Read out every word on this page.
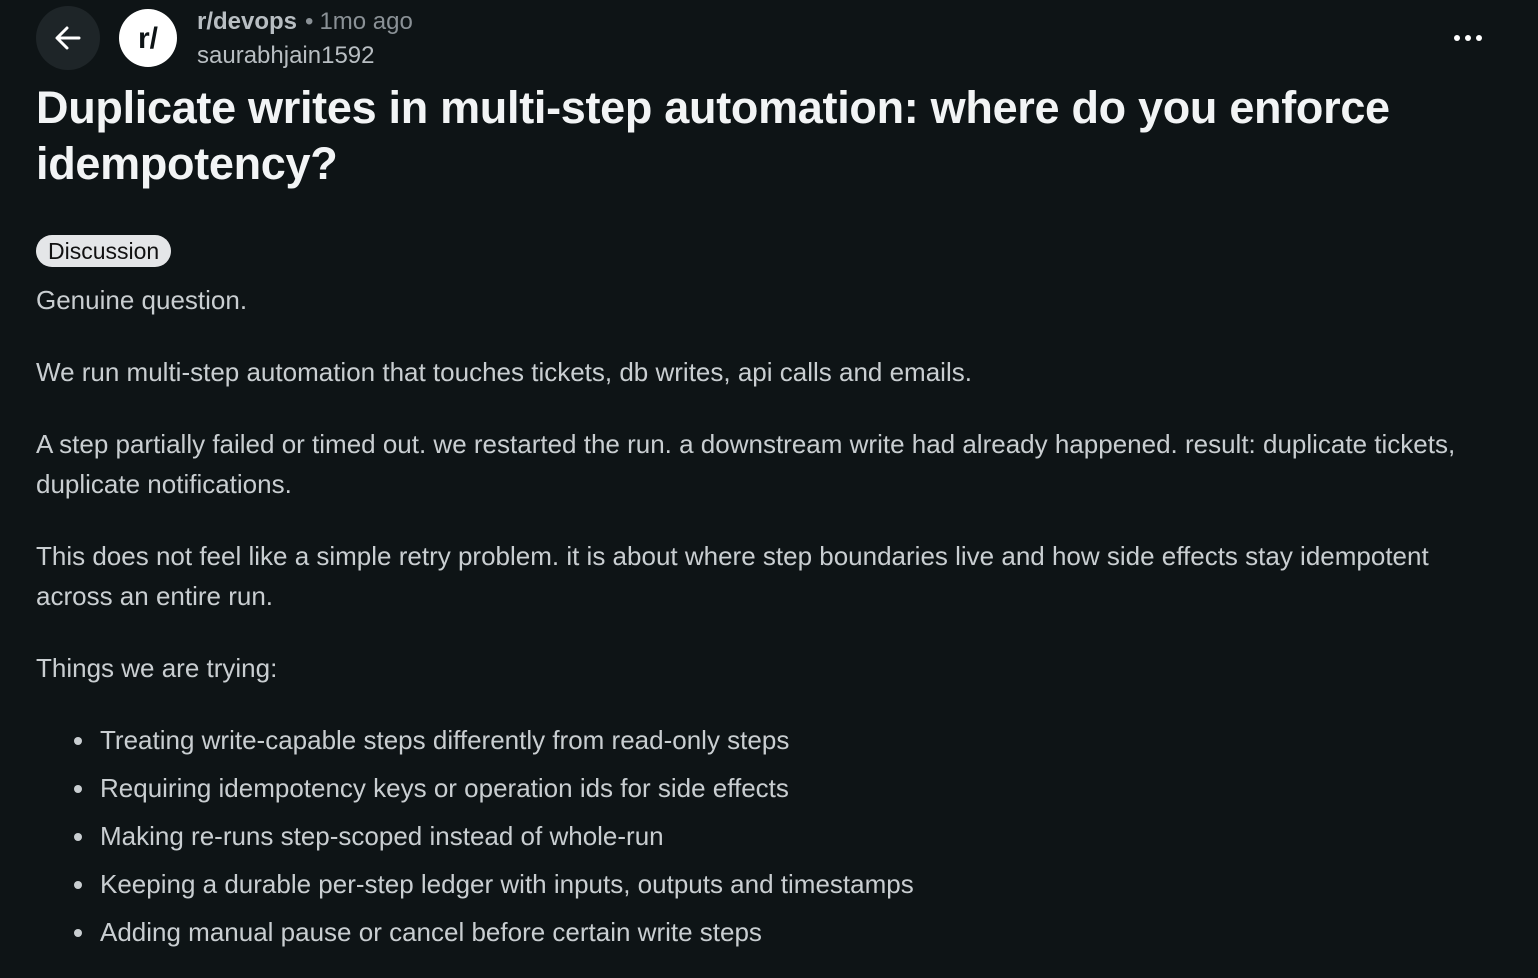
r/
r/devops • 1mo ago
saurabhjain1592
Duplicate writes in multi-step automation: where do you enforce idempotency?
Discussion

Genuine question.

We run multi-step automation that touches tickets, db writes, api calls and emails.

A step partially failed or timed out. we restarted the run. a downstream write had already happened. result: duplicate tickets, duplicate notifications.

This does not feel like a simple retry problem. it is about where step boundaries live and how side effects stay idempotent across an entire run.

Things we are trying:

Treating write-capable steps differently from read-only steps
Requiring idempotency keys or operation ids for side effects
Making re-runs step-scoped instead of whole-run
Keeping a durable per-step ledger with inputs, outputs and timestamps
Adding manual pause or cancel before certain write steps
